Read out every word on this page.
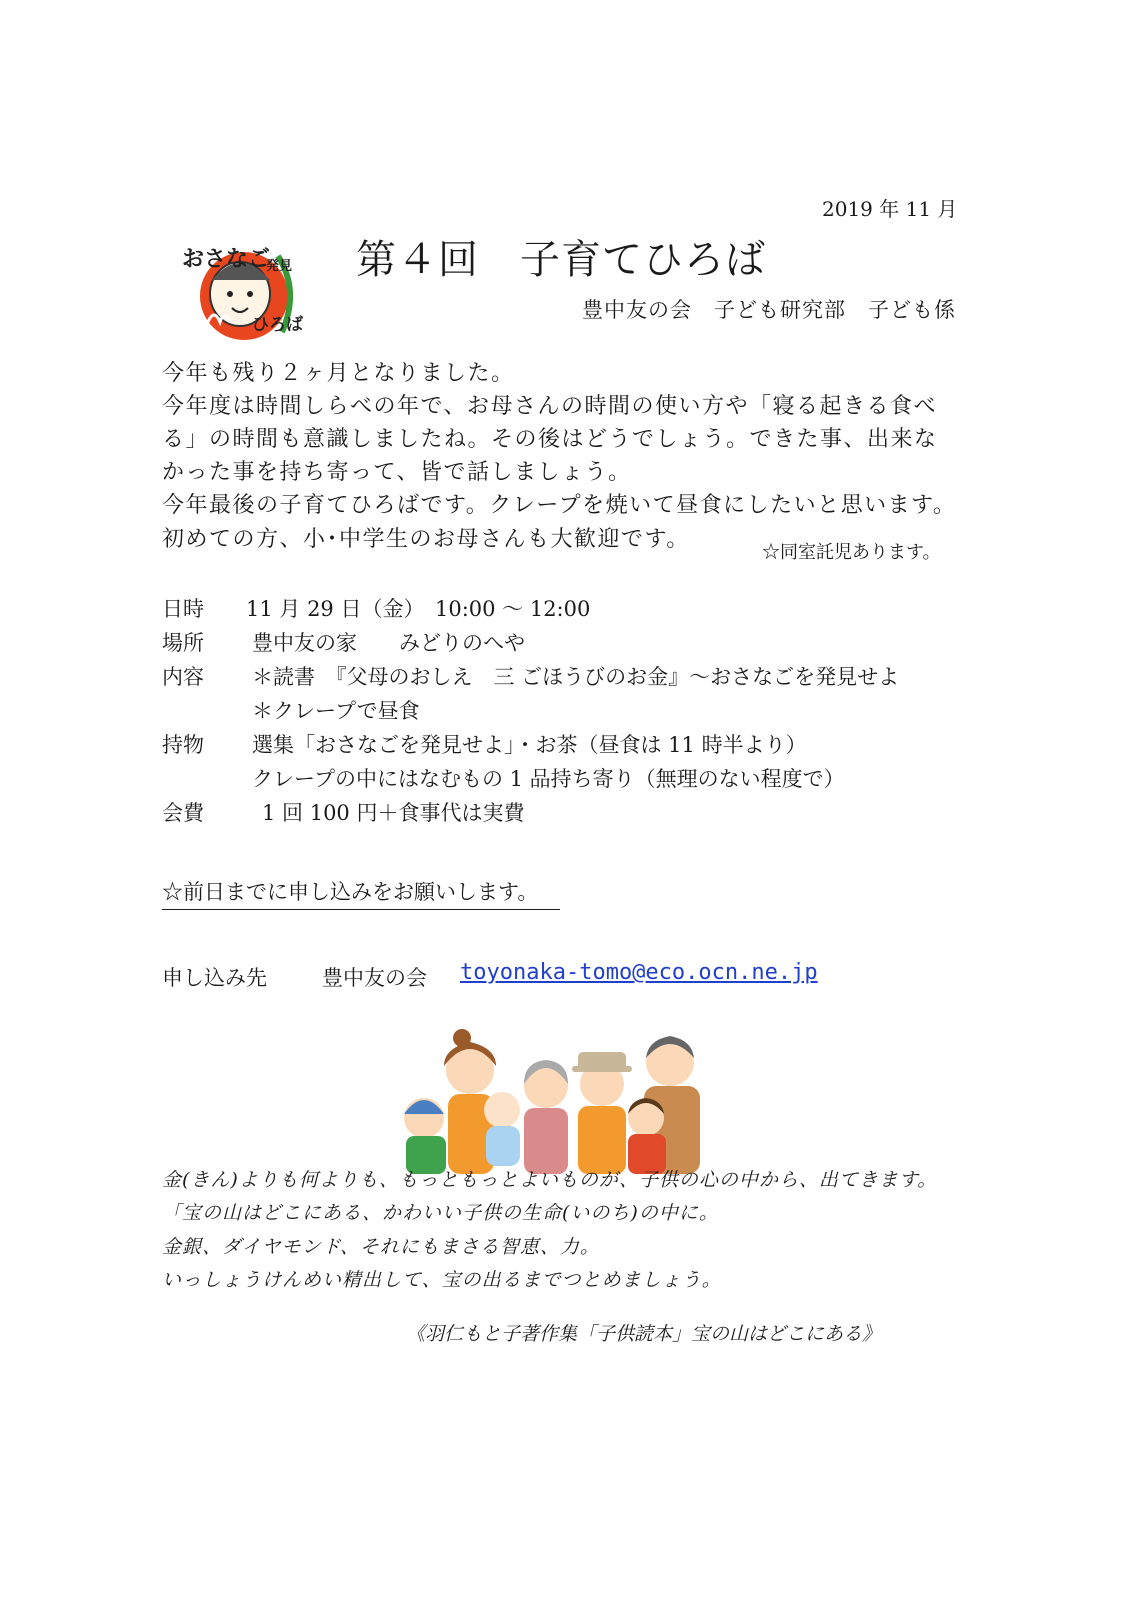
2019 年 11 月
おさなご
発見
ひろば
第４回　子育てひろば
豊中友の会　子ども研究部　子ども係
今年も残り２ヶ月となりました。
今年度は時間しらべの年で、お母さんの時間の使い方や「寝る起きる食べ
る」の時間も意識しましたね。その後はどうでしょう。できた事、出来な
かった事を持ち寄って、皆で話しましょう。
今年最後の子育てひろばです。クレープを焼いて昼食にしたいと思います。
初めての方、小･中学生のお母さんも大歓迎です。
☆同室託児あります。
日時 11 月 29 日（金）　10:00 〜 12:00
場所 豊中友の家　　みどりのへや
内容 ＊読書　『父母のおしえ　三 ごほうびのお金』〜おさなごを発見せよ
＊クレープで昼食
持物 選集「おさなごを発見せよ」・お茶（昼食は 11 時半より）
クレープの中にはなむもの 1 品持ち寄り（無理のない程度で）
会費	1 回 100 円＋食事代は実費
☆前日までに申し込みをお願いします。
申し込み先	豊中友の会 toyonaka-tomo@eco.ocn.ne.jp
金(きん)よりも何よりも、もっともっとよいものが、子供の心の中から、出てきます。
「宝の山はどこにある、かわいい子供の生命(いのち)の中に。
金銀、ダイヤモンド、それにもまさる智恵、力。
いっしょうけんめい精出して、宝の出るまでつとめましょう。
《羽仁もと子著作集「子供読本」宝の山はどこにある》
